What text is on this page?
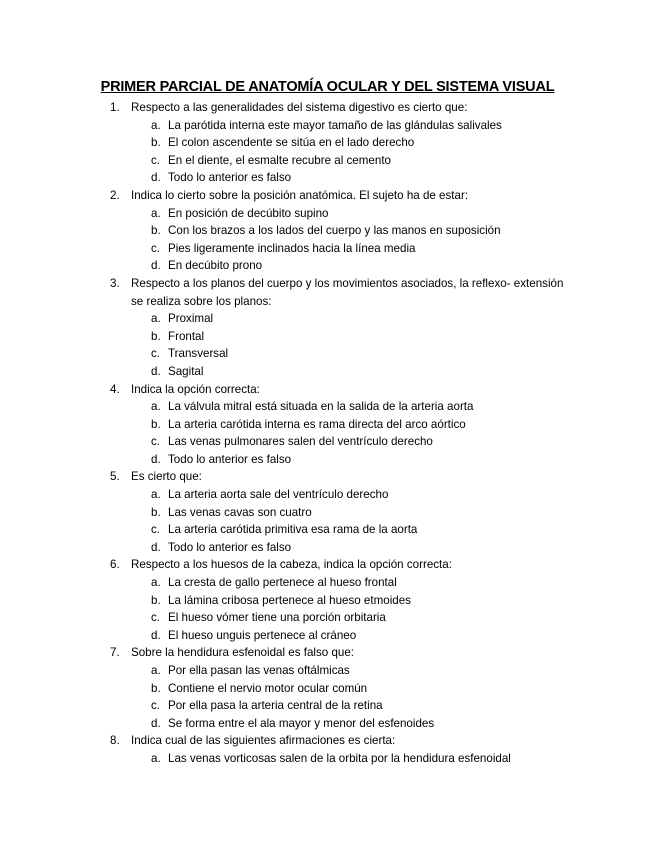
PRIMER PARCIAL DE ANATOMÍA OCULAR Y DEL SISTEMA VISUAL
1. Respecto a las generalidades del sistema digestivo es cierto que:
a. La parótida interna este mayor tamaño de las glándulas salivales
b. El colon ascendente se sitúa en el lado derecho
c. En el diente, el esmalte recubre al cemento
d. Todo lo anterior es falso
2. Indica lo cierto sobre la posición anatómica. El sujeto ha de estar:
a. En posición de decúbito supino
b. Con los brazos a los lados del cuerpo y las manos en suposición
c. Pies ligeramente inclinados hacia la línea media
d. En decúbito prono
3. Respecto a los planos del cuerpo y los movimientos asociados, la reflexo- extensión se realiza sobre los planos:
a. Proximal
b. Frontal
c. Transversal
d. Sagital
4. Indica la opción correcta:
a. La válvula mitral está situada en la salida de la arteria aorta
b. La arteria carótida interna es rama directa del arco aórtico
c. Las venas pulmonares salen del ventrículo derecho
d. Todo lo anterior es falso
5. Es cierto que:
a. La arteria aorta sale del ventrículo derecho
b. Las venas cavas son cuatro
c. La arteria carótida primitiva esa rama de la aorta
d. Todo lo anterior es falso
6. Respecto a los huesos de la cabeza, indica la opción correcta:
a. La cresta de gallo pertenece al hueso frontal
b. La lámina cribosa pertenece al hueso etmoides
c. El hueso vómer tiene una porción orbitaria
d. El hueso unguis pertenece al cráneo
7. Sobre la hendidura esfenoidal es falso que:
a. Por ella pasan las venas oftálmicas
b. Contiene el nervio motor ocular común
c. Por ella pasa la arteria central de la retina
d. Se forma entre el ala mayor y menor del esfenoides
8. Indica cual de las siguientes afirmaciones es cierta:
a. Las venas vorticosas salen de la orbita por la hendidura esfenoidal
